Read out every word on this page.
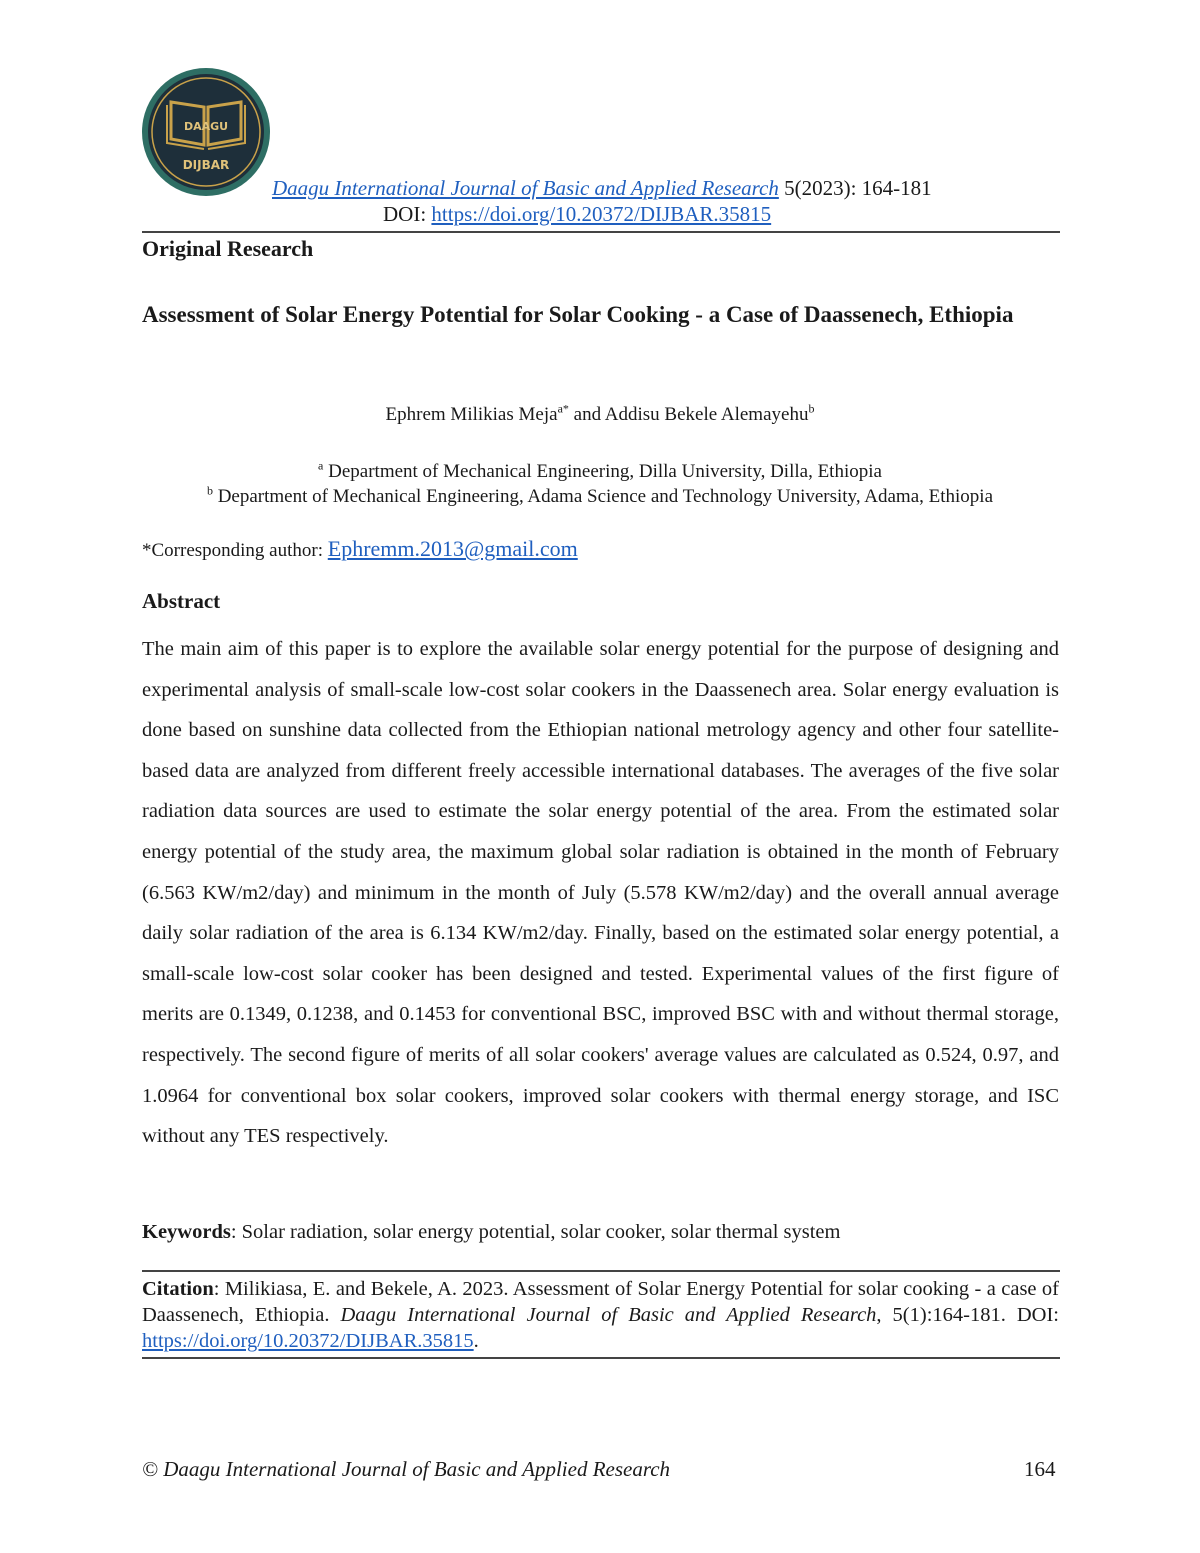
DAAGU
DIJBAR
Daagu International Journal of Basic and Applied Research 5(2023): 164-181
DOI: https://doi.org/10.20372/DIJBAR.35815
Original Research
Assessment of Solar Energy Potential for Solar Cooking - a Case of Daassenech, Ethiopia
Ephrem Milikias Meja$^{a*}$ and Addisu Bekele Alemayehu$^b$
$^a$ Department of Mechanical Engineering, Dilla University, Dilla, Ethiopia
$^b$ Department of Mechanical Engineering, Adama Science and Technology University, Adama, Ethiopia
*Corresponding author: Ephremm.2013@gmail.com
Abstract
The main aim of this paper is to explore the available solar energy potential for the purpose of designing and experimental analysis of small-scale low-cost solar cookers in the Daassenech area. Solar energy evaluation is done based on sunshine data collected from the Ethiopian national metrology agency and other four satellite-based data are analyzed from different freely accessible international databases. The averages of the five solar radiation data sources are used to estimate the solar energy potential of the area. From the estimated solar energy potential of the study area, the maximum global solar radiation is obtained in the month of February (6.563 KW/m2/day) and minimum in the month of July (5.578 KW/m2/day) and the overall annual average daily solar radiation of the area is 6.134 KW/m2/day. Finally, based on the estimated solar energy potential, a small-scale low-cost solar cooker has been designed and tested. Experimental values of the first figure of merits are 0.1349, 0.1238, and 0.1453 for conventional BSC, improved BSC with and without thermal storage, respectively. The second figure of merits of all solar cookers' average values are calculated as 0.524, 0.97, and 1.0964 for conventional box solar cookers, improved solar cookers with thermal energy storage, and ISC without any TES respectively.
Keywords: Solar radiation, solar energy potential, solar cooker, solar thermal system
Citation: Milikiasa, E. and Bekele, A. 2023. Assessment of Solar Energy Potential for solar cooking - a case of Daassenech, Ethiopia. Daagu International Journal of Basic and Applied Research, 5(1):164-181. DOI: https://doi.org/10.20372/DIJBAR.35815.
© Daagu International Journal of Basic and Applied Research	164
